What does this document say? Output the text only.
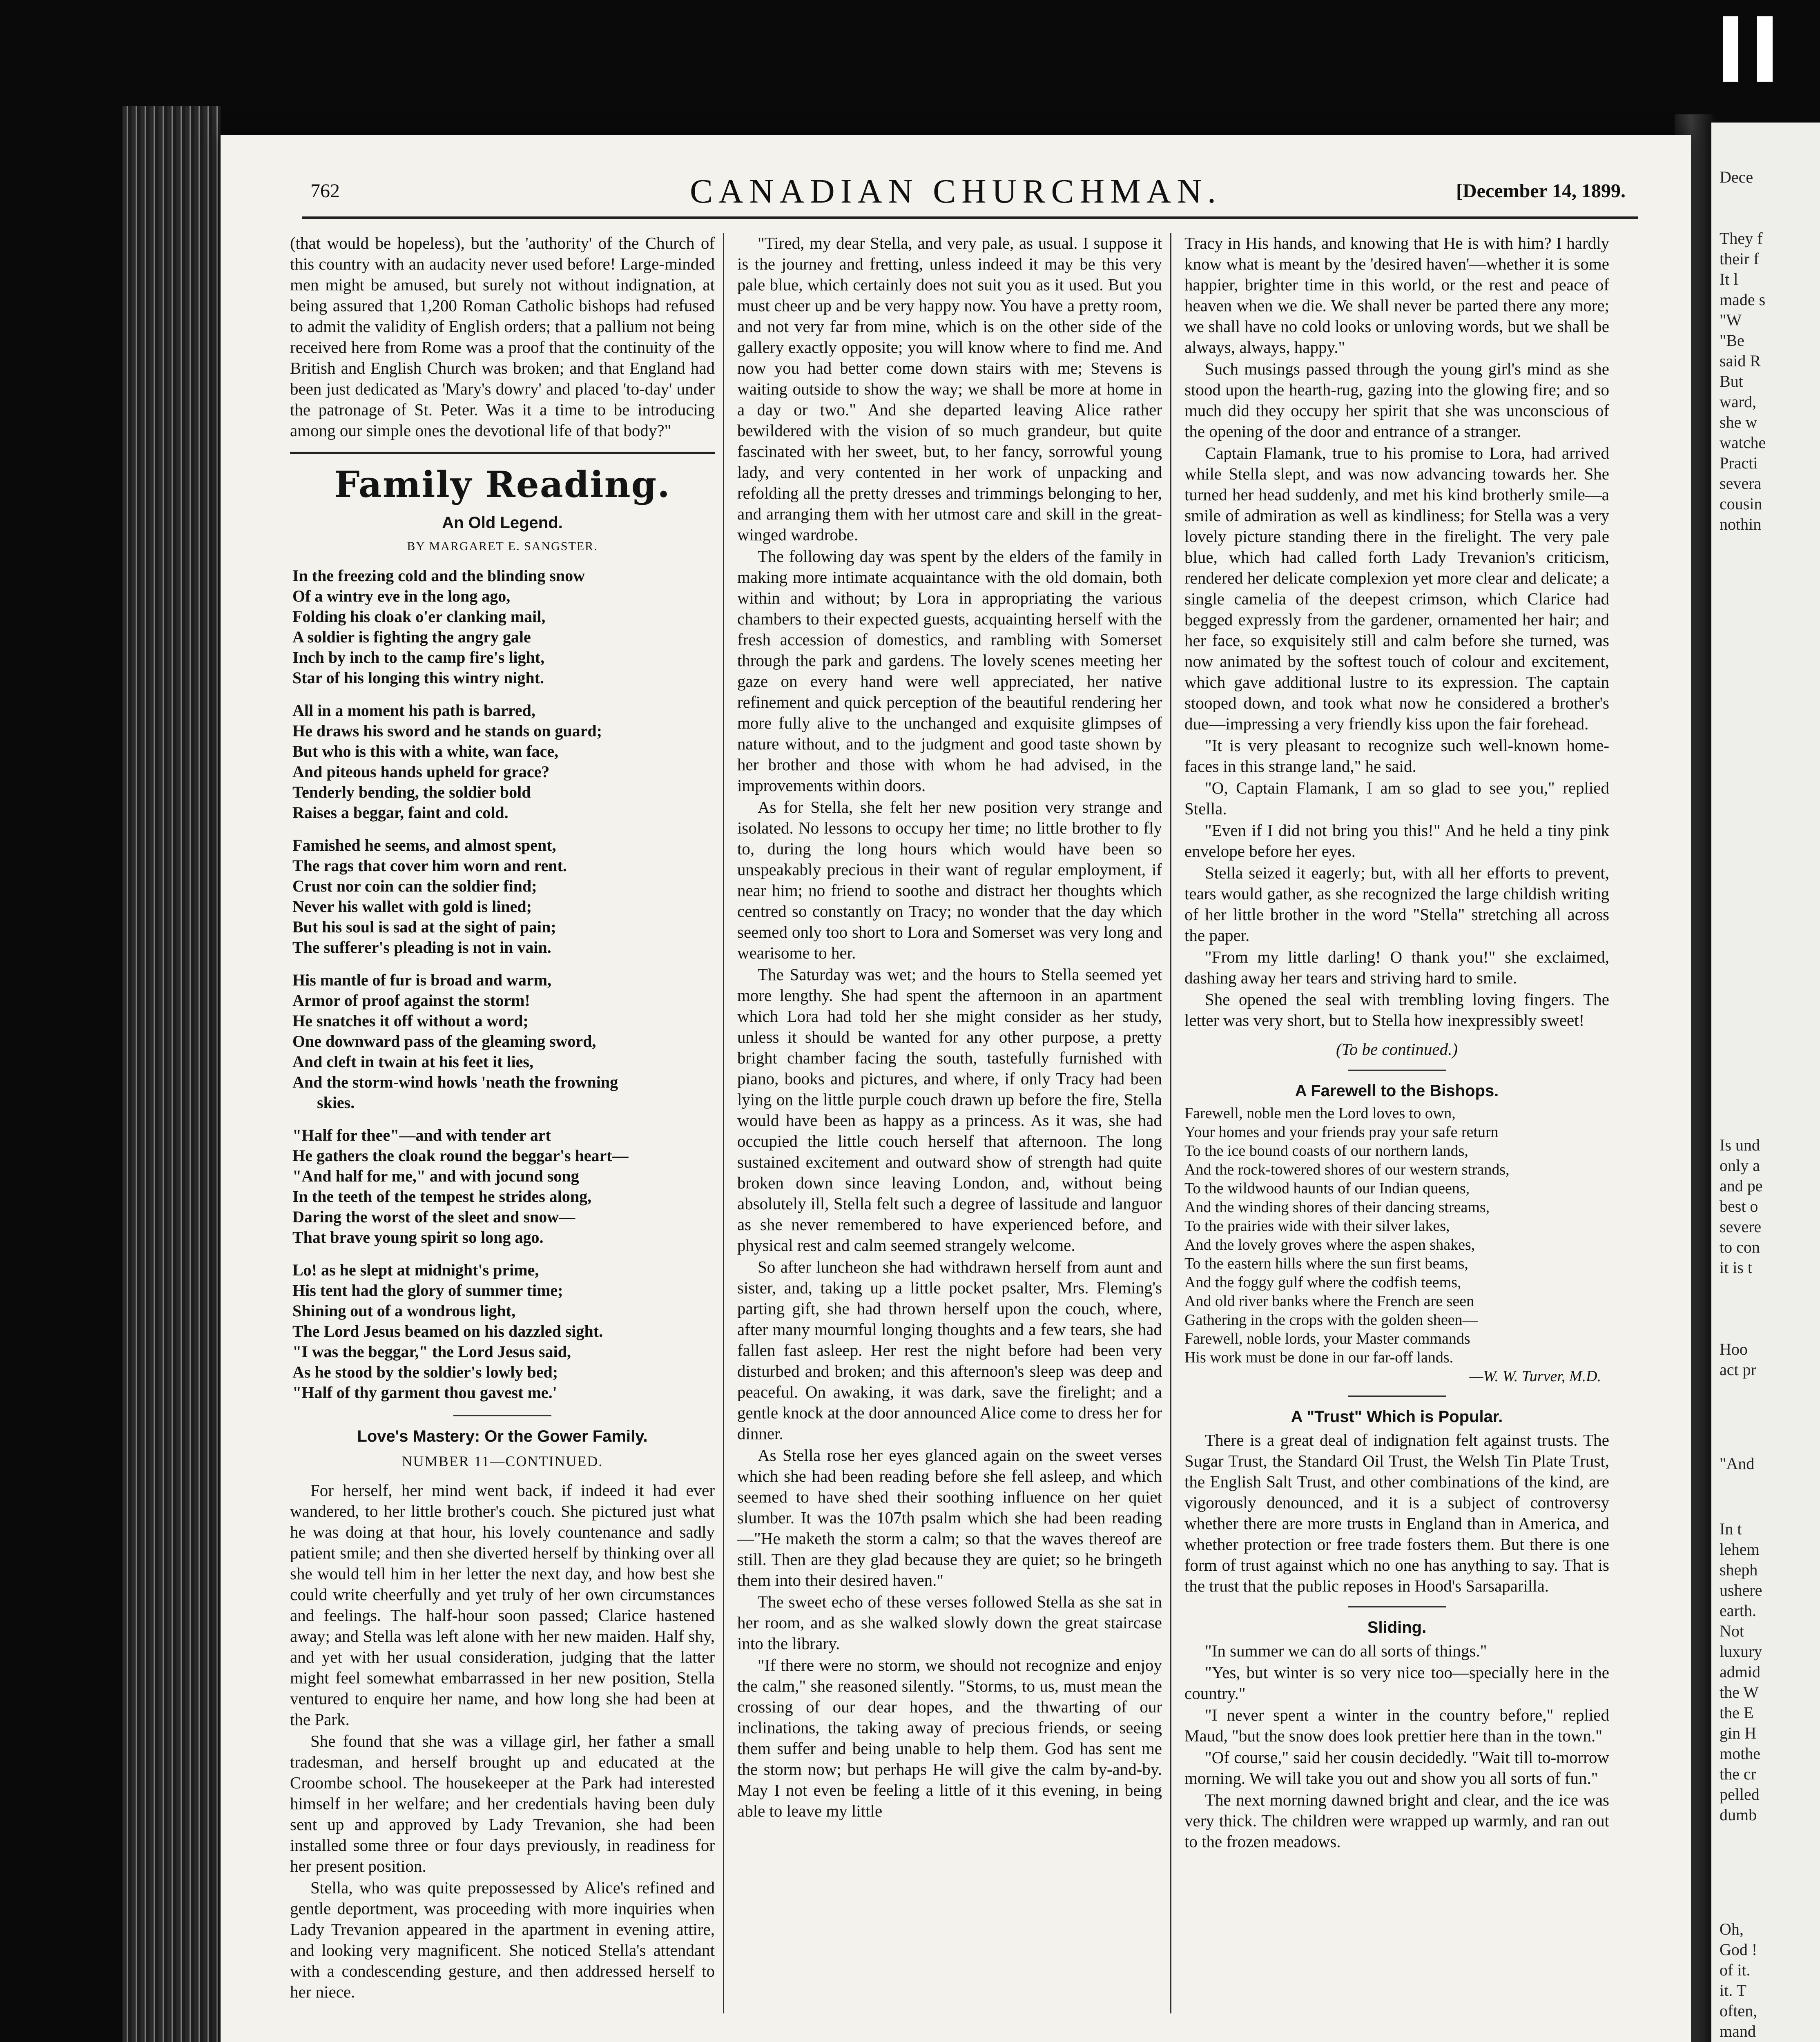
762	CANADIAN CHURCHMAN.	[December 14, 1899.

(that would be hopeless), but the 'authority' of the Church of this country with an audacity never used before! Large-minded men might be amused, but surely not without indignation, at being assured that 1,200 Roman Catholic bishops had refused to admit the validity of English orders; that a pallium not being received here from Rome was a proof that the continuity of the British and English Church was broken; and that England had been just dedicated as 'Mary's dowry' and placed 'to-day' under the patronage of St. Peter. Was it a time to be introducing among our simple ones the devotional life of that body?"

Family Reading.
An Old Legend.
BY MARGARET E. SANGSTER.
In the freezing cold and the blinding snow
Of a wintry eve in the long ago,
Folding his cloak o'er clanking mail,
A soldier is fighting the angry gale
Inch by inch to the camp fire's light,
Star of his longing this wintry night.
All in a moment his path is barred,
He draws his sword and he stands on guard;
But who is this with a white, wan face,
And piteous hands upheld for grace?
Tenderly bending, the soldier bold
Raises a beggar, faint and cold.
Famished he seems, and almost spent,
The rags that cover him worn and rent.
Crust nor coin can the soldier find;
Never his wallet with gold is lined;
But his soul is sad at the sight of pain;
The sufferer's pleading is not in vain.
His mantle of fur is broad and warm,
Armor of proof against the storm!
He snatches it off without a word;
One downward pass of the gleaming sword,
And cleft in twain at his feet it lies,
And the storm-wind howls 'neath the frowning
skies.
"Half for thee"—and with tender art
He gathers the cloak round the beggar's heart—
"And half for me," and with jocund song
In the teeth of the tempest he strides along,
Daring the worst of the sleet and snow—
That brave young spirit so long ago.
Lo! as he slept at midnight's prime,
His tent had the glory of summer time;
Shining out of a wondrous light,
The Lord Jesus beamed on his dazzled sight.
"I was the beggar," the Lord Jesus said,
As he stood by the soldier's lowly bed;
"Half of thy garment thou gavest me.'
Love's Mastery: Or the Gower Family.
NUMBER 11—CONTINUED.

For herself, her mind went back, if indeed it had ever wandered, to her little brother's couch. She pictured just what he was doing at that hour, his lovely countenance and sadly patient smile; and then she diverted herself by thinking over all she would tell him in her letter the next day, and how best she could write cheerfully and yet truly of her own circumstances and feelings. The half-hour soon passed; Clarice hastened away; and Stella was left alone with her new maiden. Half shy, and yet with her usual consideration, judging that the latter might feel somewhat embarrassed in her new position, Stella ventured to enquire her name, and how long she had been at the Park.

She found that she was a village girl, her father a small tradesman, and herself brought up and educated at the Croombe school. The housekeeper at the Park had interested himself in her welfare; and her credentials having been duly sent up and approved by Lady Trevanion, she had been installed some three or four days previously, in readiness for her present position.

Stella, who was quite prepossessed by Alice's refined and gentle deportment, was proceeding with more inquiries when Lady Trevanion appeared in the apartment in evening attire, and looking very magnificent. She noticed Stella's attendant with a condescending gesture, and then addressed herself to her niece.

"Tired, my dear Stella, and very pale, as usual. I suppose it is the journey and fretting, unless indeed it may be this very pale blue, which certainly does not suit you as it used. But you must cheer up and be very happy now. You have a pretty room, and not very far from mine, which is on the other side of the gallery exactly opposite; you will know where to find me. And now you had better come down stairs with me; Stevens is waiting outside to show the way; we shall be more at home in a day or two." And she departed leaving Alice rather bewildered with the vision of so much grandeur, but quite fascinated with her sweet, but, to her fancy, sorrowful young lady, and very contented in her work of unpacking and refolding all the pretty dresses and trimmings belonging to her, and arranging them with her utmost care and skill in the great-winged wardrobe.

The following day was spent by the elders of the family in making more intimate acquaintance with the old domain, both within and without; by Lora in appropriating the various chambers to their expected guests, acquainting herself with the fresh accession of domestics, and rambling with Somerset through the park and gardens. The lovely scenes meeting her gaze on every hand were well appreciated, her native refinement and quick perception of the beautiful rendering her more fully alive to the unchanged and exquisite glimpses of nature without, and to the judgment and good taste shown by her brother and those with whom he had advised, in the improvements within doors.

As for Stella, she felt her new position very strange and isolated. No lessons to occupy her time; no little brother to fly to, during the long hours which would have been so unspeakably precious in their want of regular employment, if near him; no friend to soothe and distract her thoughts which centred so constantly on Tracy; no wonder that the day which seemed only too short to Lora and Somerset was very long and wearisome to her.

The Saturday was wet; and the hours to Stella seemed yet more lengthy. She had spent the afternoon in an apartment which Lora had told her she might consider as her study, unless it should be wanted for any other purpose, a pretty bright chamber facing the south, tastefully furnished with piano, books and pictures, and where, if only Tracy had been lying on the little purple couch drawn up before the fire, Stella would have been as happy as a princess. As it was, she had occupied the little couch herself that afternoon. The long sustained excitement and outward show of strength had quite broken down since leaving London, and, without being absolutely ill, Stella felt such a degree of lassitude and languor as she never remembered to have experienced before, and physical rest and calm seemed strangely welcome.

So after luncheon she had withdrawn herself from aunt and sister, and, taking up a little pocket psalter, Mrs. Fleming's parting gift, she had thrown herself upon the couch, where, after many mournful longing thoughts and a few tears, she had fallen fast asleep. Her rest the night before had been very disturbed and broken; and this afternoon's sleep was deep and peaceful. On awaking, it was dark, save the firelight; and a gentle knock at the door announced Alice come to dress her for dinner.

As Stella rose her eyes glanced again on the sweet verses which she had been reading before she fell asleep, and which seemed to have shed their soothing influence on her quiet slumber. It was the 107th psalm which she had been reading—"He maketh the storm a calm; so that the waves thereof are still. Then are they glad because they are quiet; so he bringeth them into their desired haven."

The sweet echo of these verses followed Stella as she sat in her room, and as she walked slowly down the great staircase into the library.

"If there were no storm, we should not recognize and enjoy the calm," she reasoned silently. "Storms, to us, must mean the crossing of our dear hopes, and the thwarting of our inclinations, the taking away of precious friends, or seeing them suffer and being unable to help them. God has sent me the storm now; but perhaps He will give the calm by-and-by. May I not even be feeling a little of it this evening, in being able to leave my little

Tracy in His hands, and knowing that He is with him? I hardly know what is meant by the 'desired haven'—whether it is some happier, brighter time in this world, or the rest and peace of heaven when we die. We shall never be parted there any more; we shall have no cold looks or unloving words, but we shall be always, always, happy."

Such musings passed through the young girl's mind as she stood upon the hearth-rug, gazing into the glowing fire; and so much did they occupy her spirit that she was unconscious of the opening of the door and entrance of a stranger.

Captain Flamank, true to his promise to Lora, had arrived while Stella slept, and was now advancing towards her. She turned her head suddenly, and met his kind brotherly smile—a smile of admiration as well as kindliness; for Stella was a very lovely picture standing there in the firelight. The very pale blue, which had called forth Lady Trevanion's criticism, rendered her delicate complexion yet more clear and delicate; a single camelia of the deepest crimson, which Clarice had begged expressly from the gardener, ornamented her hair; and her face, so exquisitely still and calm before she turned, was now animated by the softest touch of colour and excitement, which gave additional lustre to its expression. The captain stooped down, and took what now he considered a brother's due—impressing a very friendly kiss upon the fair forehead.

"It is very pleasant to recognize such well-known home-faces in this strange land," he said.

"O, Captain Flamank, I am so glad to see you," replied Stella.

"Even if I did not bring you this!" And he held a tiny pink envelope before her eyes.

Stella seized it eagerly; but, with all her efforts to prevent, tears would gather, as she recognized the large childish writing of her little brother in the word "Stella" stretching all across the paper.

"From my little darling! O thank you!" she exclaimed, dashing away her tears and striving hard to smile.

She opened the seal with trembling loving fingers. The letter was very short, but to Stella how inexpressibly sweet!

(To be continued.)
A Farewell to the Bishops.
Farewell, noble men the Lord loves to own,
Your homes and your friends pray your safe return
To the ice bound coasts of our northern lands,
And the rock-towered shores of our western strands,
To the wildwood haunts of our Indian queens,
And the winding shores of their dancing streams,
To the prairies wide with their silver lakes,
And the lovely groves where the aspen shakes,
To the eastern hills where the sun first beams,
And the foggy gulf where the codfish teems,
And old river banks where the French are seen
Gathering in the crops with the golden sheen—
Farewell, noble lords, your Master commands
His work must be done in our far-off lands.
—W. W. Turver, M.D.
A "Trust" Which is Popular.

There is a great deal of indignation felt against trusts. The Sugar Trust, the Standard Oil Trust, the Welsh Tin Plate Trust, the English Salt Trust, and other combinations of the kind, are vigorously denounced, and it is a subject of controversy whether there are more trusts in England than in America, and whether protection or free trade fosters them. But there is one form of trust against which no one has anything to say. That is the trust that the public reposes in Hood's Sarsaparilla.

Sliding.

"In summer we can do all sorts of things."

"Yes, but winter is so very nice too—specially here in the country."

"I never spent a winter in the country before," replied Maud, "but the snow does look prettier here than in the town."

"Of course," said her cousin decidedly. "Wait till to-morrow morning. We will take you out and show you all sorts of fun."

The next morning dawned bright and clear, and the ice was very thick. The children were wrapped up warmly, and ran out to the frozen meadows.

Dece
They f
their f
It l
made s
"W
"Be
said R
But
ward,
she w
watche
Practi
severa
cousin
nothin
Is und
only a
and pe
best o
severe
to con
it is t
Hoo
act pr
"And
In t
lehem
sheph
ushere
earth.
Not
luxury
admid
the W
the E
gin H
mothe
the cr
pelled
dumb
Oh,
God !
of it.
it. T
often,
mand
